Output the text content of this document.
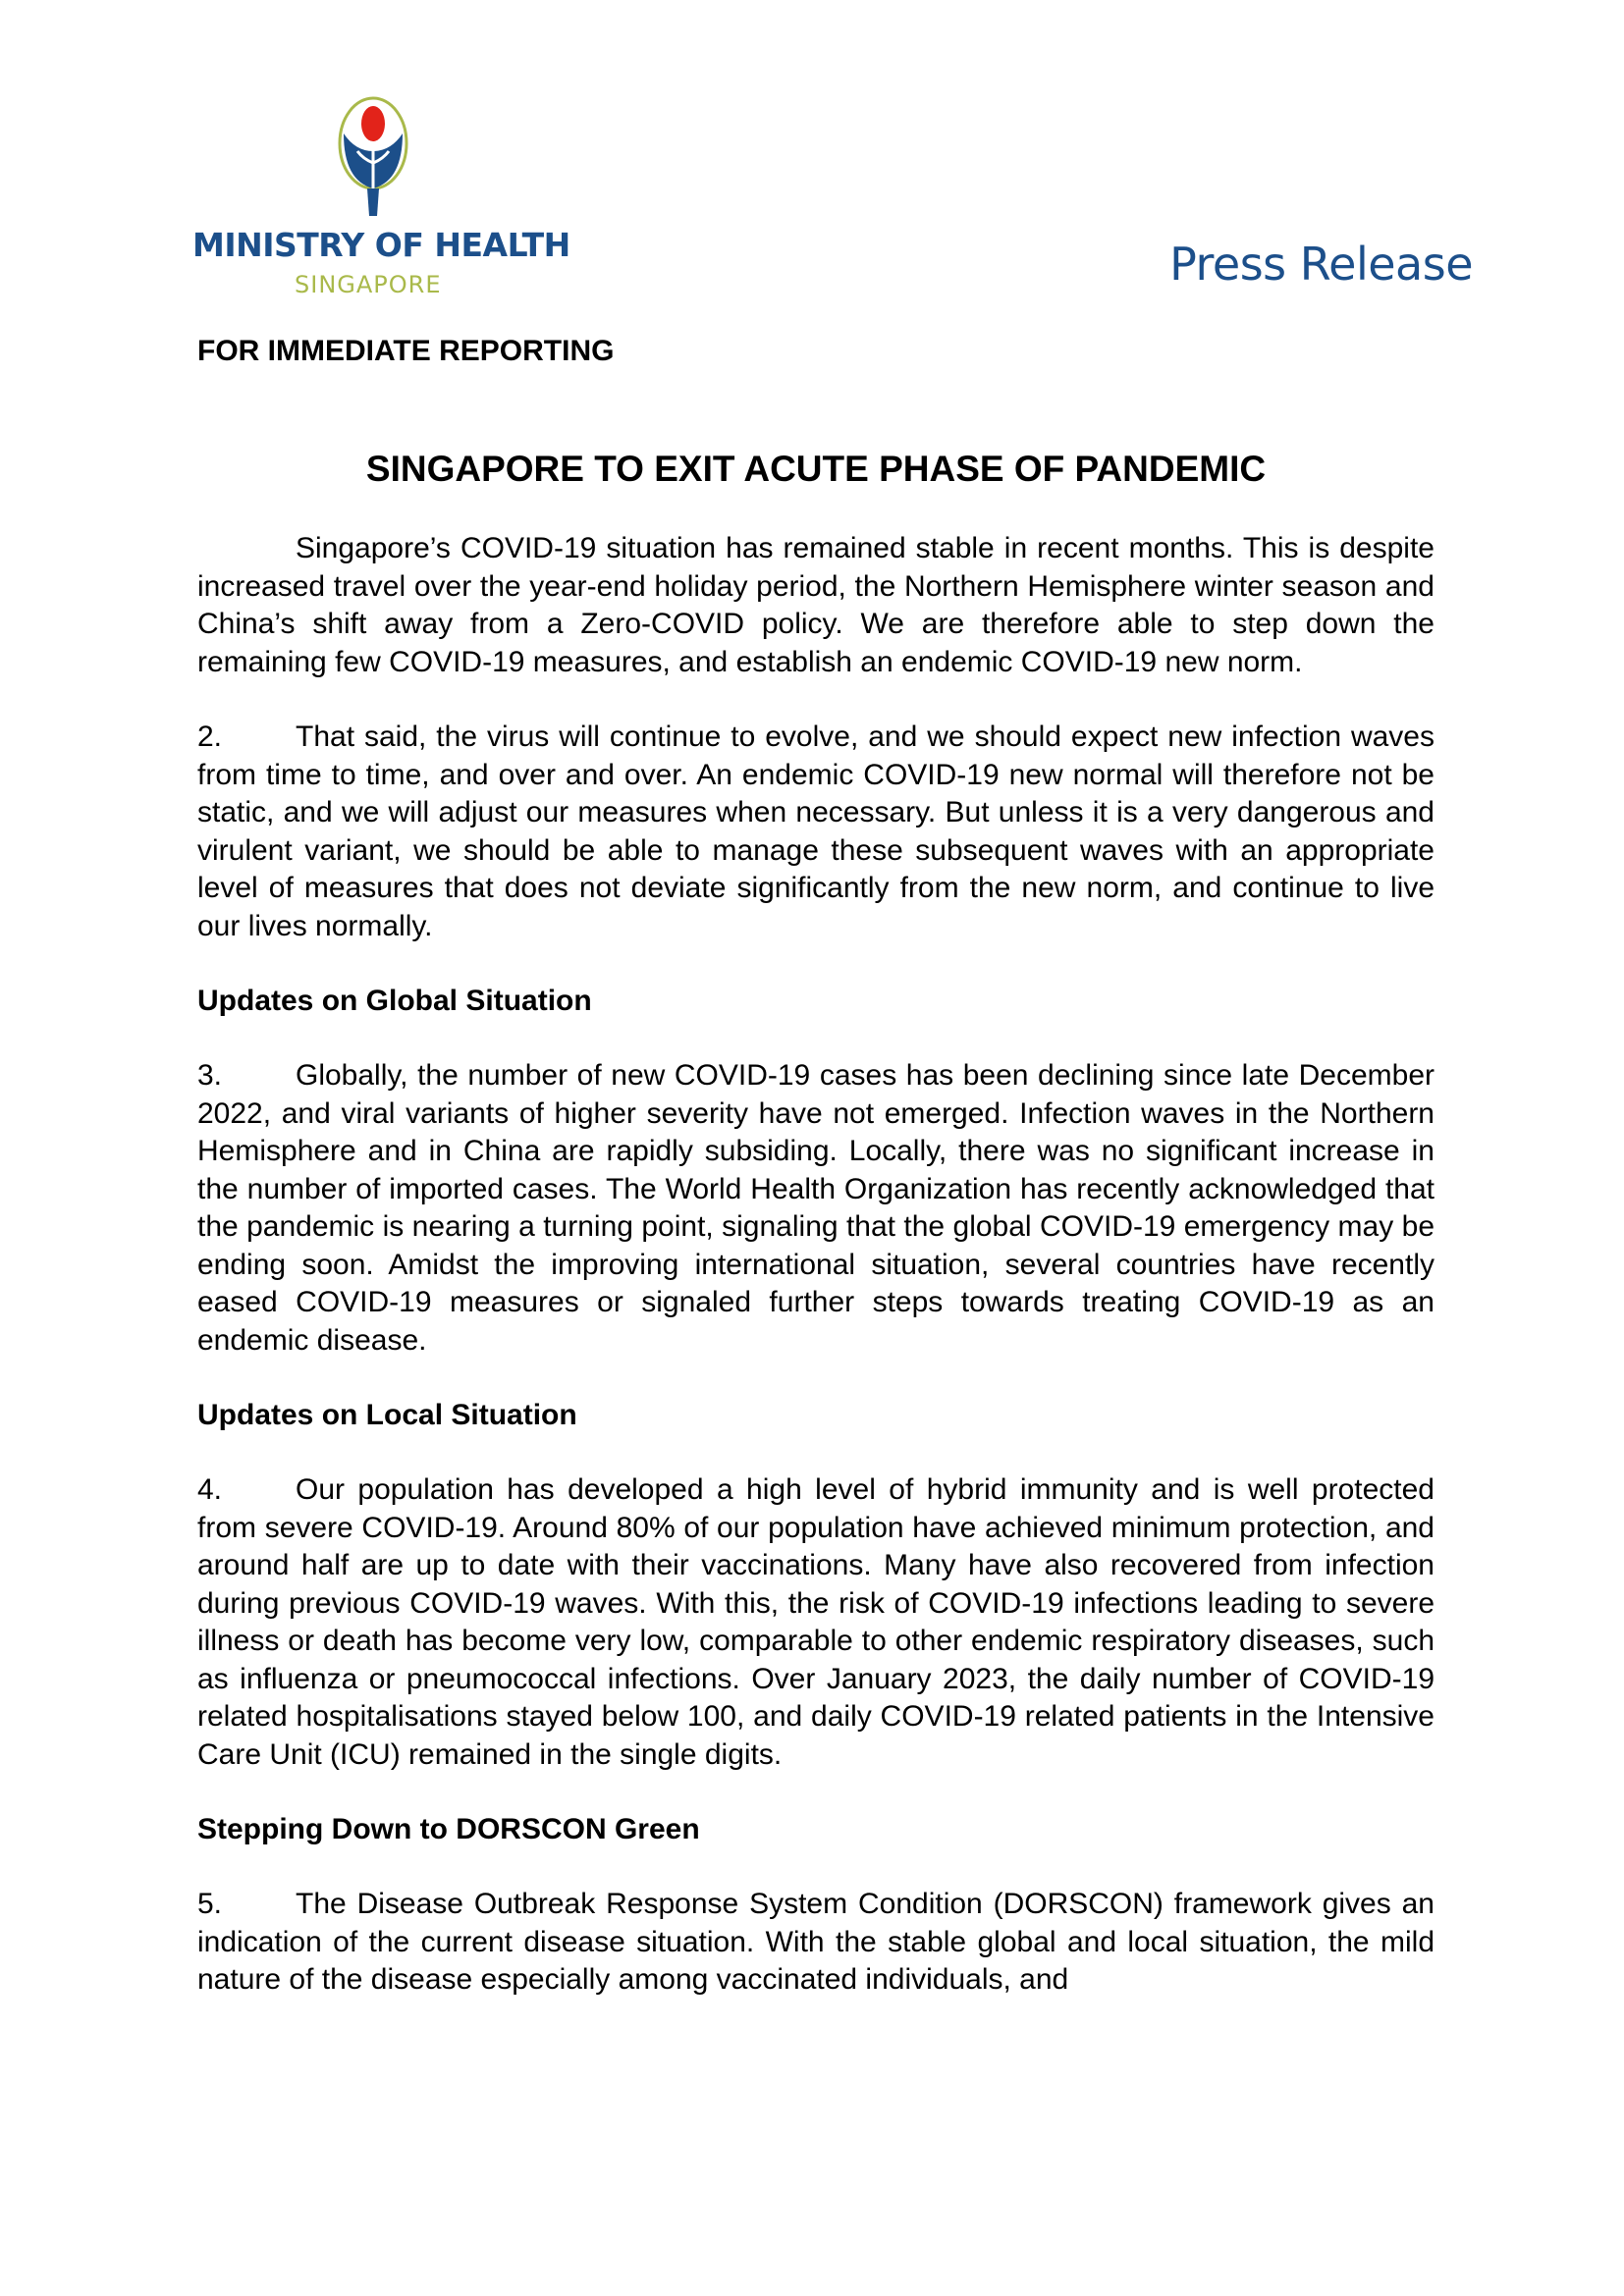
MINISTRY OF HEALTH
SINGAPORE	Press Release

FOR IMMEDIATE REPORTING

SINGAPORE TO EXIT ACUTE PHASE OF PANDEMIC

Singapore’s COVID-19 situation has remained stable in recent months. This is despite increased travel over the year-end holiday period, the Northern Hemisphere winter season and China’s shift away from a Zero-COVID policy. We are therefore able to step down the remaining few COVID-19 measures, and establish an endemic COVID-19 new norm.

2. That said, the virus will continue to evolve, and we should expect new infection waves from time to time, and over and over. An endemic COVID-19 new normal will therefore not be static, and we will adjust our measures when necessary. But unless it is a very dangerous and virulent variant, we should be able to manage these subsequent waves with an appropriate level of measures that does not deviate significantly from the new norm, and continue to live our lives normally.

Updates on Global Situation

3. Globally, the number of new COVID-19 cases has been declining since late December 2022, and viral variants of higher severity have not emerged. Infection waves in the Northern Hemisphere and in China are rapidly subsiding. Locally, there was no significant increase in the number of imported cases. The World Health Organization has recently acknowledged that the pandemic is nearing a turning point, signaling that the global COVID-19 emergency may be ending soon. Amidst the improving international situation, several countries have recently eased COVID-19 measures or signaled further steps towards treating COVID-19 as an endemic disease.

Updates on Local Situation

4. Our population has developed a high level of hybrid immunity and is well protected from severe COVID-19. Around 80% of our population have achieved minimum protection, and around half are up to date with their vaccinations. Many have also recovered from infection during previous COVID-19 waves. With this, the risk of COVID-19 infections leading to severe illness or death has become very low, comparable to other endemic respiratory diseases, such as influenza or pneumococcal infections. Over January 2023, the daily number of COVID-19 related hospitalisations stayed below 100, and daily COVID-19 related patients in the Intensive Care Unit (ICU) remained in the single digits.

Stepping Down to DORSCON Green

5. The Disease Outbreak Response System Condition (DORSCON) framework gives an indication of the current disease situation. With the stable global and local situation, the mild nature of the disease especially among vaccinated individuals, and
